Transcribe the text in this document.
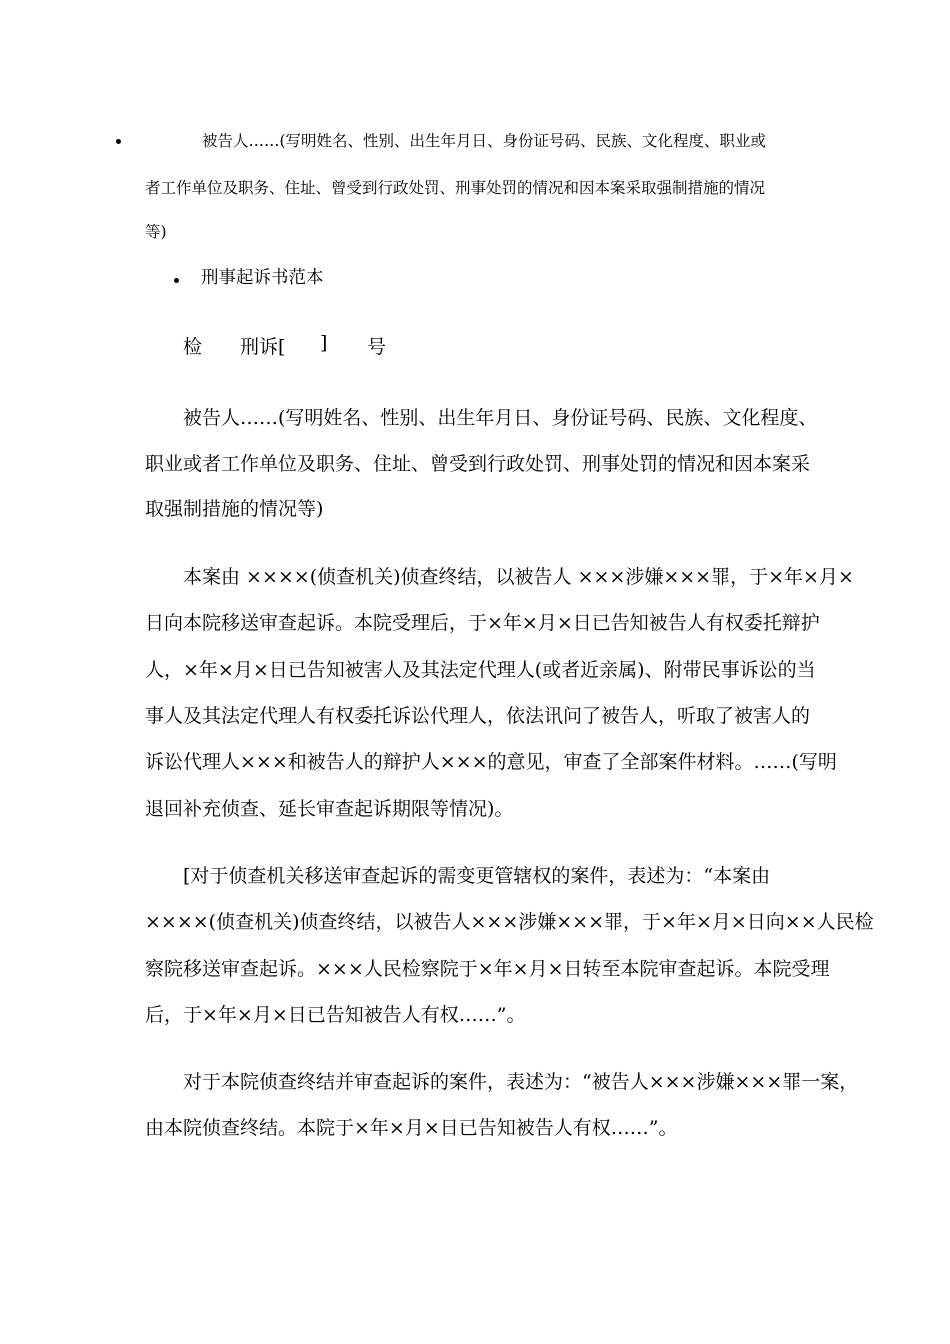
被告人……(写明姓名、性别、出生年月日、身份证号码、民族、文化程度、职业或
者工作单位及职务、住址、曾受到行政处罚、刑事处罚的情况和因本案采取强制措施的情况
等)
刑事起诉书范本
检 刑诉[ ] 号
被告人……(写明姓名、性别、出生年月日、身份证号码、民族、文化程度、
职业或者工作单位及职务、住址、曾受到行政处罚、刑事处罚的情况和因本案采
取强制措施的情况等)
本案由 ××××(侦查机关)侦查终结，以被告人 ×××涉嫌×××罪，于×年×月×
日向本院移送审查起诉。本院受理后，于×年×月×日已告知被告人有权委托辩护
人，×年×月×日已告知被害人及其法定代理人(或者近亲属)、附带民事诉讼的当
事人及其法定代理人有权委托诉讼代理人，依法讯问了被告人，听取了被害人的
诉讼代理人×××和被告人的辩护人×××的意见，审查了全部案件材料。……(写明
退回补充侦查、延长审查起诉期限等情况)。
[对于侦查机关移送审查起诉的需变更管辖权的案件，表述为：“本案由
××××(侦查机关)侦查终结，以被告人×××涉嫌×××罪，于×年×月×日向××人民检
察院移送审查起诉。×××人民检察院于×年×月×日转至本院审查起诉。本院受理
后，于×年×月×日已告知被告人有权……”。
对于本院侦查终结并审查起诉的案件，表述为：“被告人×××涉嫌×××罪一案，
由本院侦查终结。本院于×年×月×日已告知被告人有权……”。
